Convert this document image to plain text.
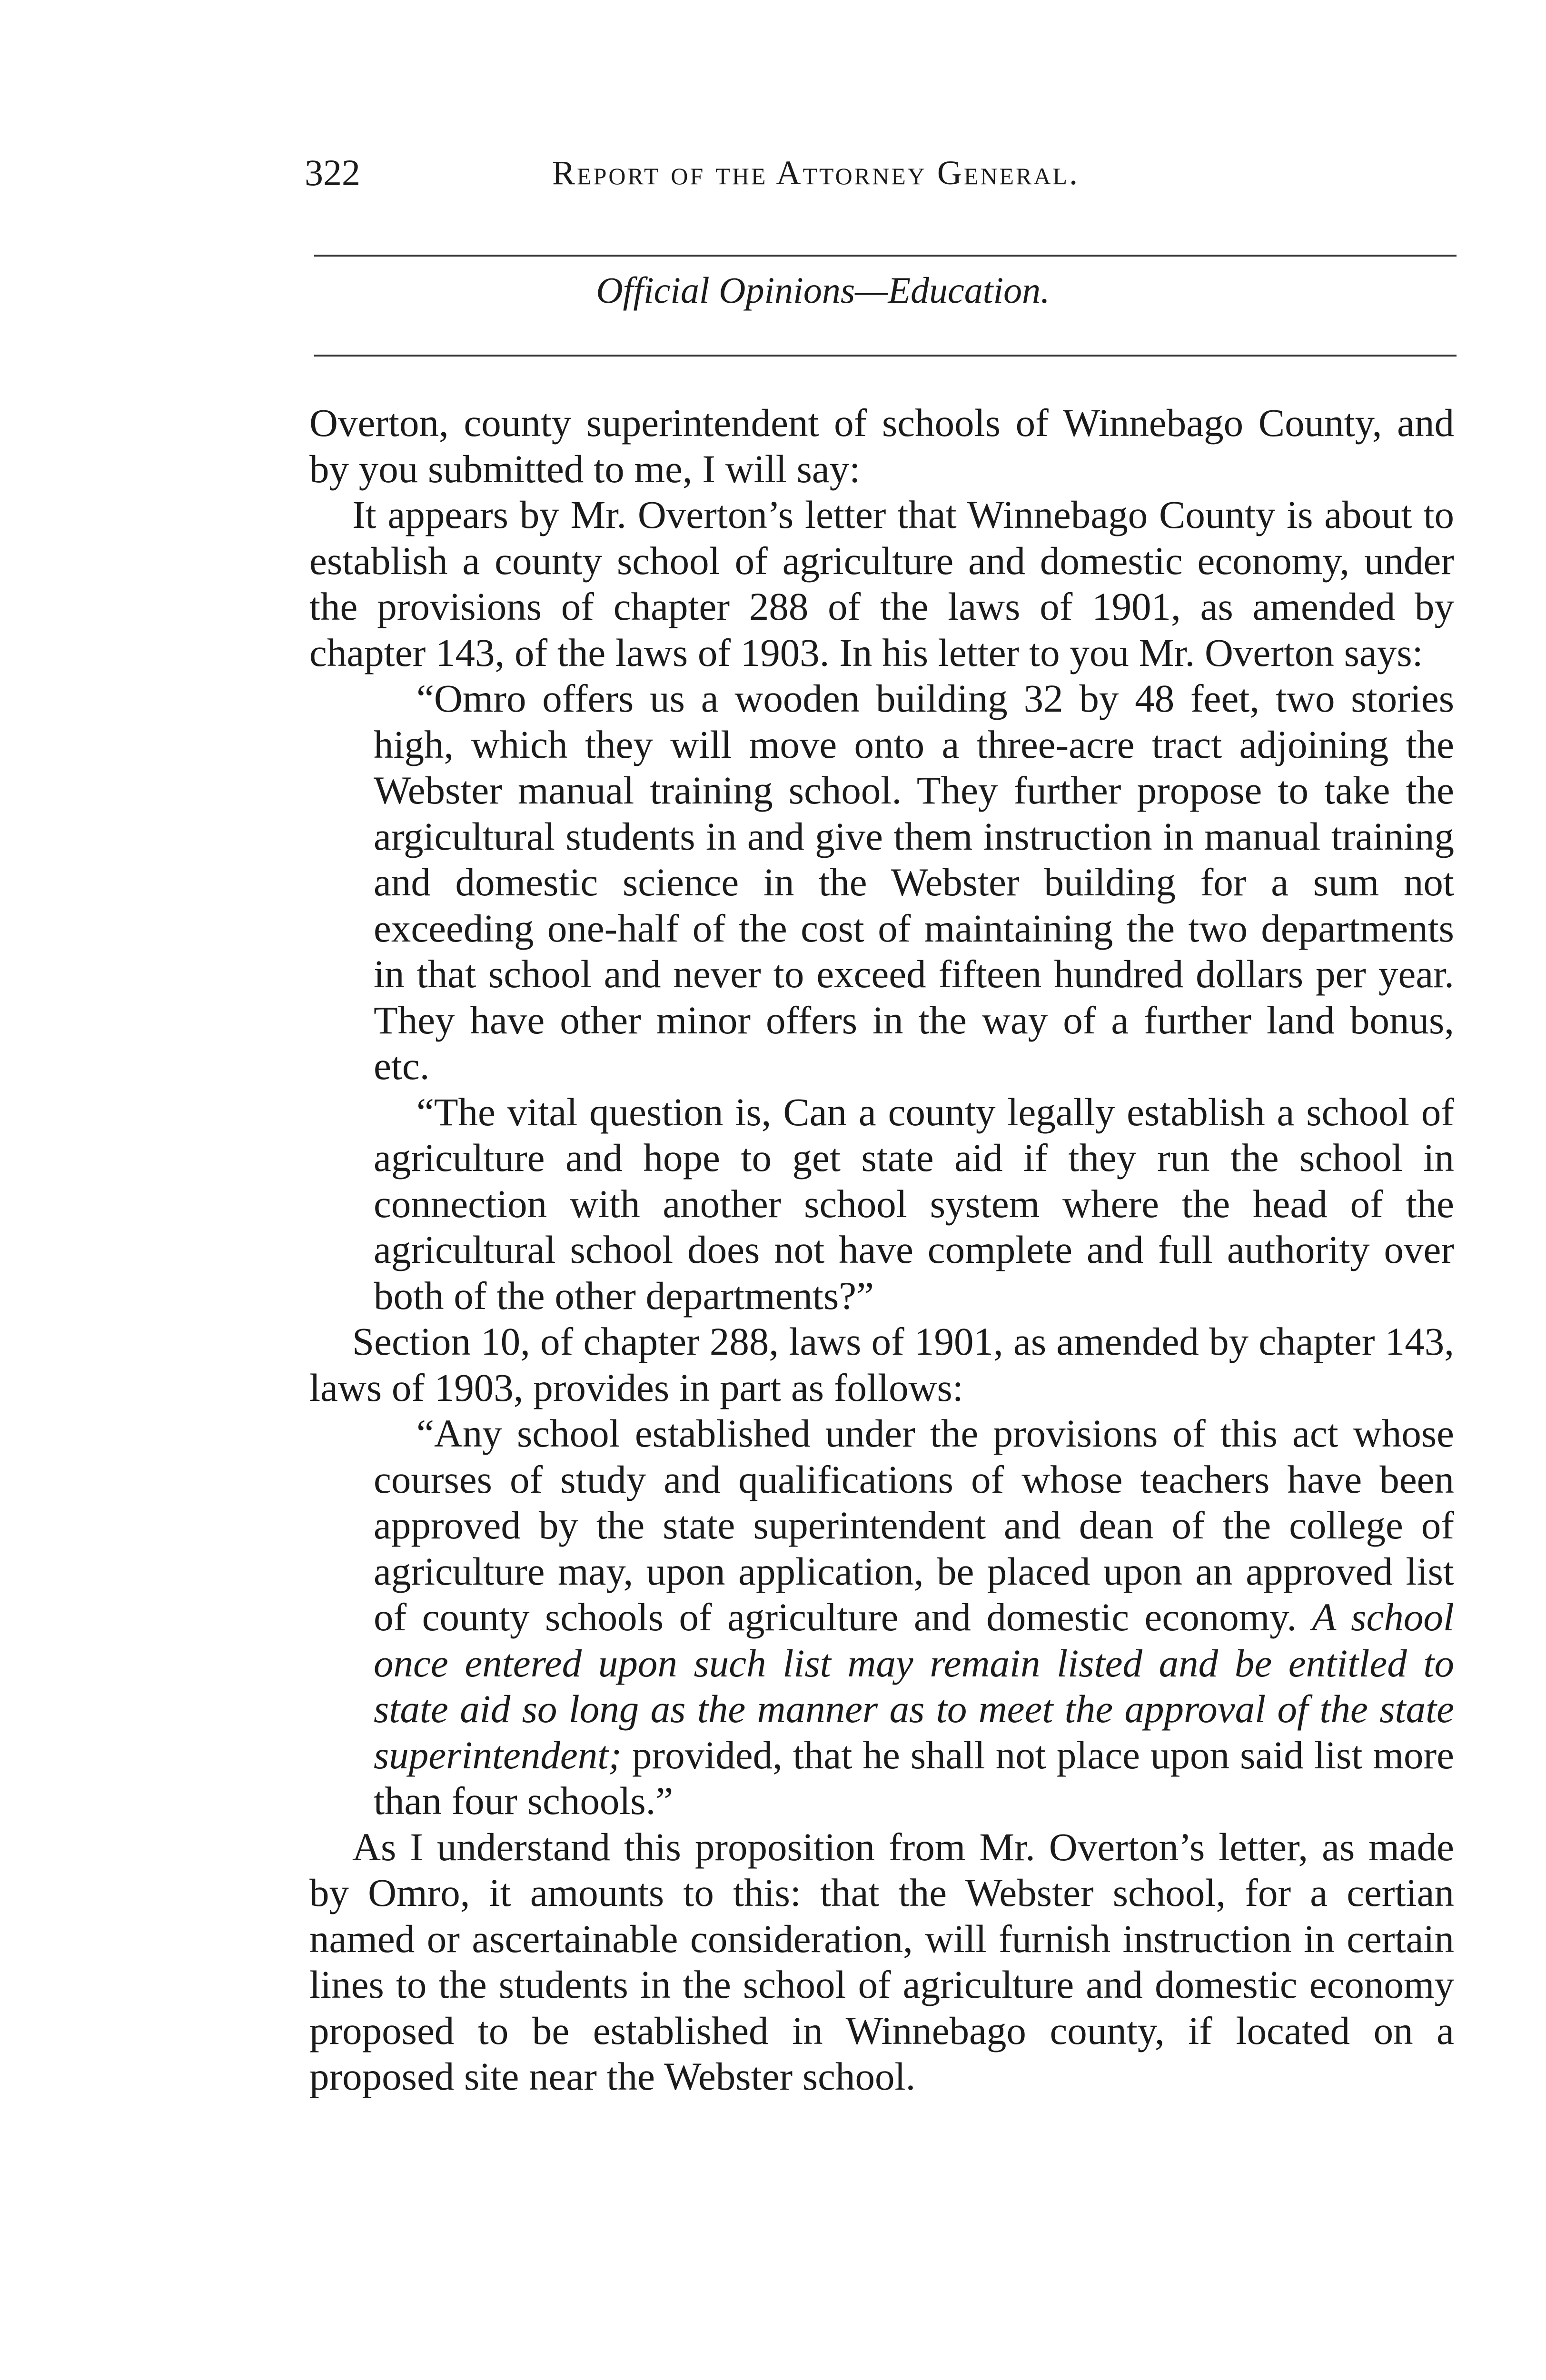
322	Report of the Attorney General.
Official Opinions—Education.

Overton, county superintendent of schools of Winnebago County, and by you submitted to me, I will say:

It appears by Mr. Overton’s letter that Winnebago County is about to establish a county school of agriculture and domestic economy, under the provisions of chapter 288 of the laws of 1901, as amended by chapter 143, of the laws of 1903. In his letter to you Mr. Overton says:

“Omro offers us a wooden building 32 by 48 feet, two stories high, which they will move onto a three-acre tract adjoining the Webster manual training school. They further propose to take the argicultural students in and give them instruction in manual training and domestic science in the Webster building for a sum not exceeding one-half of the cost of maintaining the two departments in that school and never to exceed fifteen hundred dollars per year. They have other minor offers in the way of a further land bonus, etc.

“The vital question is, Can a county legally establish a school of agriculture and hope to get state aid if they run the school in connection with another school system where the head of the agricultural school does not have complete and full authority over both of the other departments?”

Section 10, of chapter 288, laws of 1901, as amended by chapter 143, laws of 1903, provides in part as follows:

“Any school established under the provisions of this act whose courses of study and qualifications of whose teachers have been approved by the state superintendent and dean of the college of agriculture may, upon application, be placed upon an approved list of county schools of agriculture and domestic economy. A school once entered upon such list may remain listed and be entitled to state aid so long as the manner as to meet the approval of the state superintendent; provided, that he shall not place upon said list more than four schools.”

As I understand this proposition from Mr. Overton’s letter, as made by Omro, it amounts to this: that the Webster school, for a certian named or ascertainable consideration, will furnish instruction in certain lines to the students in the school of agriculture and domestic economy proposed to be established in Winnebago county, if located on a proposed site near the Webster school.
